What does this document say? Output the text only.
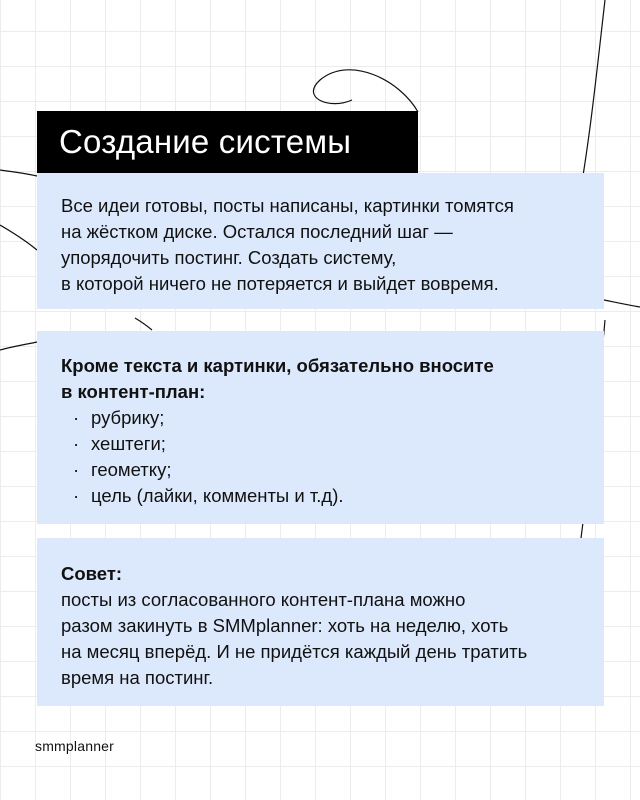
Создание системы
Все идеи готовы, посты написаны, картинки томятся
на жёстком диске. Остался последний шаг —
упорядочить постинг. Создать систему,
в которой ничего не потеряется и выйдет вовремя.
Кроме текста и картинки, обязательно вносите
в контент-план:
· рубрику;
· хештеги;
· геометку;
· цель (лайки, комменты и т.д).
Совет:
посты из согласованного контент-плана можно
разом закинуть в SMMplanner: хоть на неделю, хоть
на месяц вперёд. И не придётся каждый день тратить
время на постинг.
smmplanner
